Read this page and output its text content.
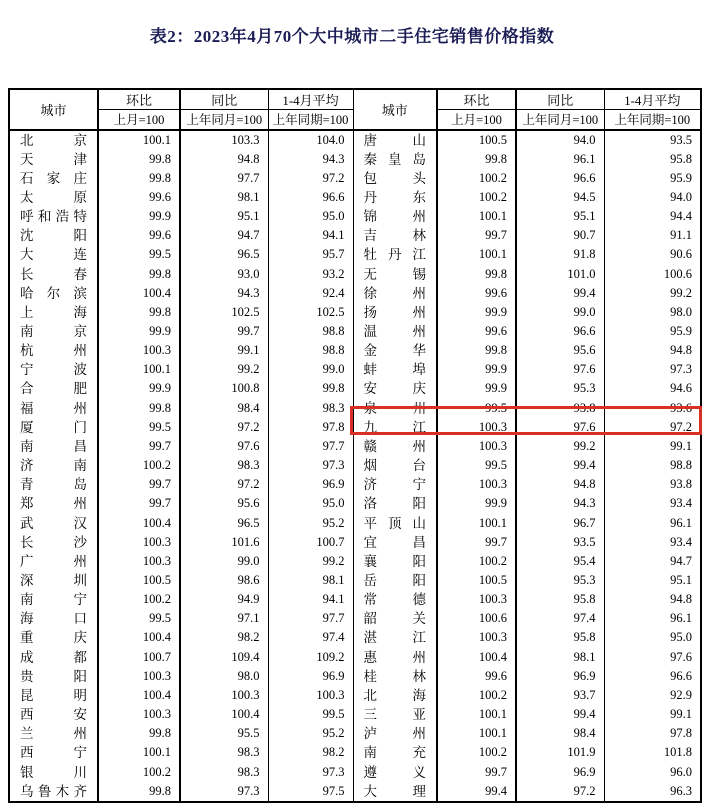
表2：2023年4月70个大中城市二手住宅销售价格指数
城市	环比	同比	1-4月平均	城市	环比	同比	1-4月平均
	上月=100	上年同月=100	上年同期=100		上月=100	上年同月=100	上年同期=100

北京	100.1	103.3	104.0	唐山	100.5	94.0	93.5

天津	99.8	94.8	94.3	秦皇岛	99.8	96.1	95.8

石家庄	99.8	97.7	97.2	包头	100.2	96.6	95.9

太原	99.6	98.1	96.6	丹东	100.2	94.5	94.0

呼和浩特	99.9	95.1	95.0	锦州	100.1	95.1	94.4

沈阳	99.6	94.7	94.1	吉林	99.7	90.7	91.1

大连	99.5	96.5	95.7	牡丹江	100.1	91.8	90.6

长春	99.8	93.0	93.2	无锡	99.8	101.0	100.6

哈尔滨	100.4	94.3	92.4	徐州	99.6	99.4	99.2

上海	99.8	102.5	102.5	扬州	99.9	99.0	98.0

南京	99.9	99.7	98.8	温州	99.6	96.6	95.9

杭州	100.3	99.1	98.8	金华	99.8	95.6	94.8

宁波	100.1	99.2	99.0	蚌埠	99.9	97.6	97.3

合肥	99.9	100.8	99.8	安庆	99.9	95.3	94.6

福州	99.8	98.4	98.3	泉州	99.5	93.8	93.6

厦门	99.5	97.2	97.8	九江	100.3	97.6	97.2

南昌	99.7	97.6	97.7	赣州	100.3	99.2	99.1

济南	100.2	98.3	97.3	烟台	99.5	99.4	98.8

青岛	99.7	97.2	96.9	济宁	100.3	94.8	93.8

郑州	99.7	95.6	95.0	洛阳	99.9	94.3	93.4

武汉	100.4	96.5	95.2	平顶山	100.1	96.7	96.1

长沙	100.3	101.6	100.7	宜昌	99.7	93.5	93.4

广州	100.3	99.0	99.2	襄阳	100.2	95.4	94.7

深圳	100.5	98.6	98.1	岳阳	100.5	95.3	95.1

南宁	100.2	94.9	94.1	常德	100.3	95.8	94.8

海口	99.5	97.1	97.7	韶关	100.6	97.4	96.1

重庆	100.4	98.2	97.4	湛江	100.3	95.8	95.0

成都	100.7	109.4	109.2	惠州	100.4	98.1	97.6

贵阳	100.3	98.0	96.9	桂林	99.6	96.9	96.6

昆明	100.4	100.3	100.3	北海	100.2	93.7	92.9

西安	100.3	100.4	99.5	三亚	100.1	99.4	99.1

兰州	99.8	95.5	95.2	泸州	100.1	98.4	97.8

西宁	100.1	98.3	98.2	南充	100.2	101.9	101.8

银川	100.2	98.3	97.3	遵义	99.7	96.9	96.0

乌鲁木齐	99.8	97.3	97.5	大理	99.4	97.2	96.3
